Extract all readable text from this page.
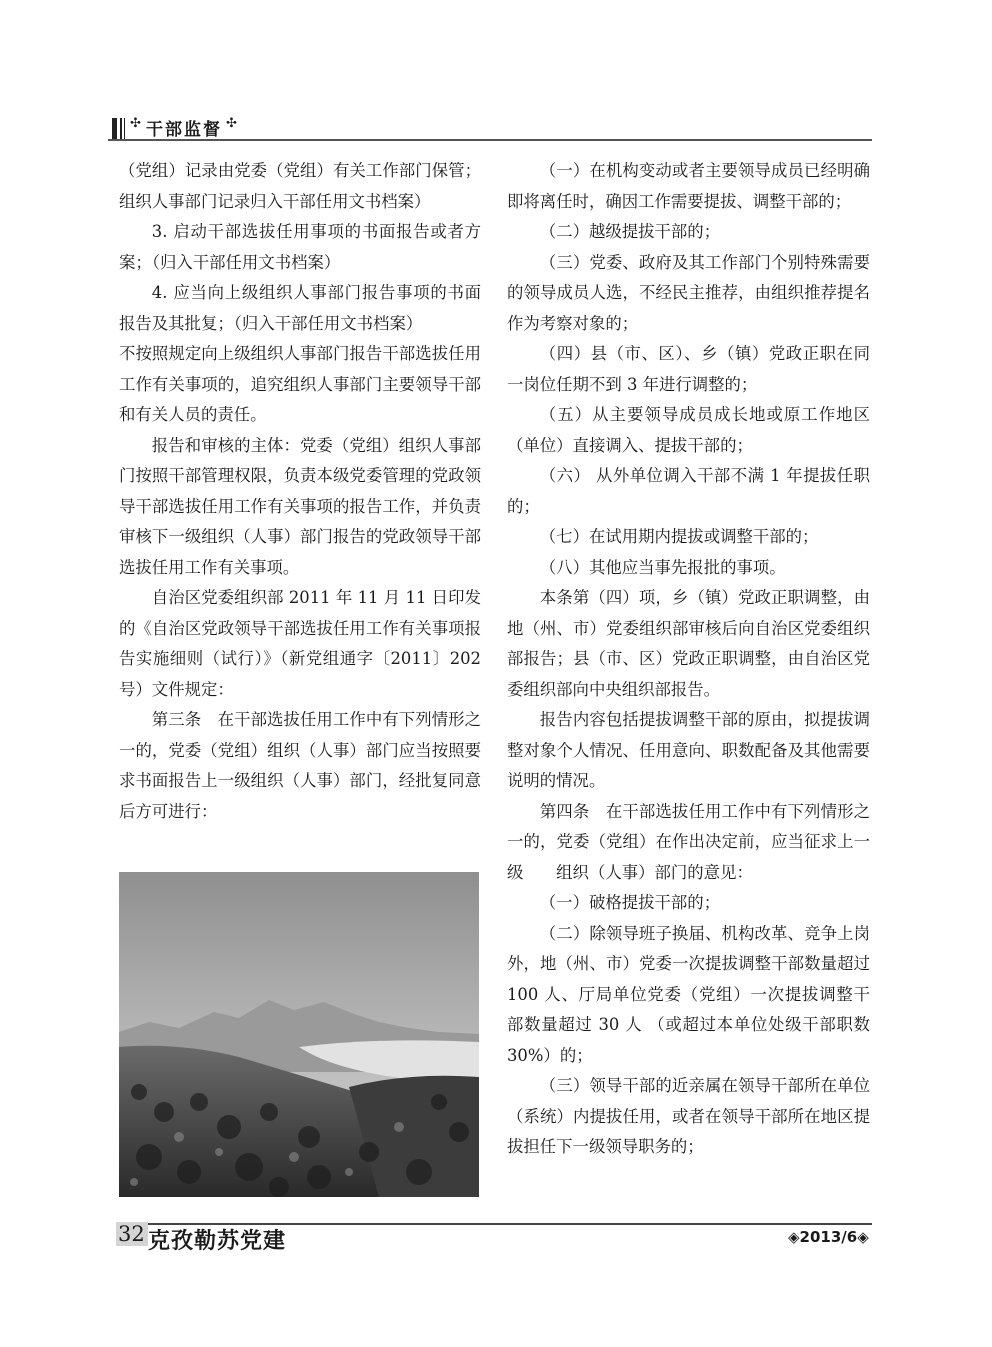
✣ 干部监督 ✣

（党组）记录由党委（党组）有关工作部门保管；组织人事部门记录归入干部任用文书档案）

3. 启动干部选拔任用事项的书面报告或者方案；（归入干部任用文书档案）

4. 应当向上级组织人事部门报告事项的书面报告及其批复；（归入干部任用文书档案）

不按照规定向上级组织人事部门报告干部选拔任用工作有关事项的，追究组织人事部门主要领导干部和有关人员的责任。

报告和审核的主体：党委（党组）组织人事部门按照干部管理权限，负责本级党委管理的党政领导干部选拔任用工作有关事项的报告工作，并负责审核下一级组织（人事）部门报告的党政领导干部选拔任用工作有关事项。

自治区党委组织部 2011 年 11 月 11 日印发的《自治区党政领导干部选拔任用工作有关事项报告实施细则（试行）》（新党组通字〔2011〕202号）文件规定：

第三条　在干部选拔任用工作中有下列情形之一的，党委（党组）组织（人事）部门应当按照要求书面报告上一级组织（人事）部门，经批复同意后方可进行：

（一）在机构变动或者主要领导成员已经明确即将离任时，确因工作需要提拔、调整干部的；

（二）越级提拔干部的；

（三）党委、政府及其工作部门个别特殊需要的领导成员人选，不经民主推荐，由组织推荐提名作为考察对象的；

（四）县（市、区）、乡（镇）党政正职在同一岗位任期不到 3 年进行调整的；

（五）从主要领导成员成长地或原工作地区（单位）直接调入、提拔干部的；

（六） 从外单位调入干部不满 1 年提拔任职的；

（七）在试用期内提拔或调整干部的；

（八）其他应当事先报批的事项。

本条第（四）项，乡（镇）党政正职调整，由地（州、市）党委组织部审核后向自治区党委组织部报告；县（市、区）党政正职调整，由自治区党委组织部向中央组织部报告。

报告内容包括提拔调整干部的原由，拟提拔调整对象个人情况、任用意向、职数配备及其他需要说明的情况。

第四条　在干部选拔任用工作中有下列情形之一的，党委（党组）在作出决定前，应当征求上一级　　组织（人事）部门的意见：

（一）破格提拔干部的；

（二）除领导班子换届、机构改革、竞争上岗外，地（州、市）党委一次提拔调整干部数量超过 100 人、厅局单位党委（党组）一次提拔调整干部数量超过 30 人 （或超过本单位处级干部职数 30%）的；

（三）领导干部的近亲属在领导干部所在单位（系统）内提拔任用，或者在领导干部所在地区提拔担任下一级领导职务的；

32 克孜勒苏党建	◈2013/6◈
